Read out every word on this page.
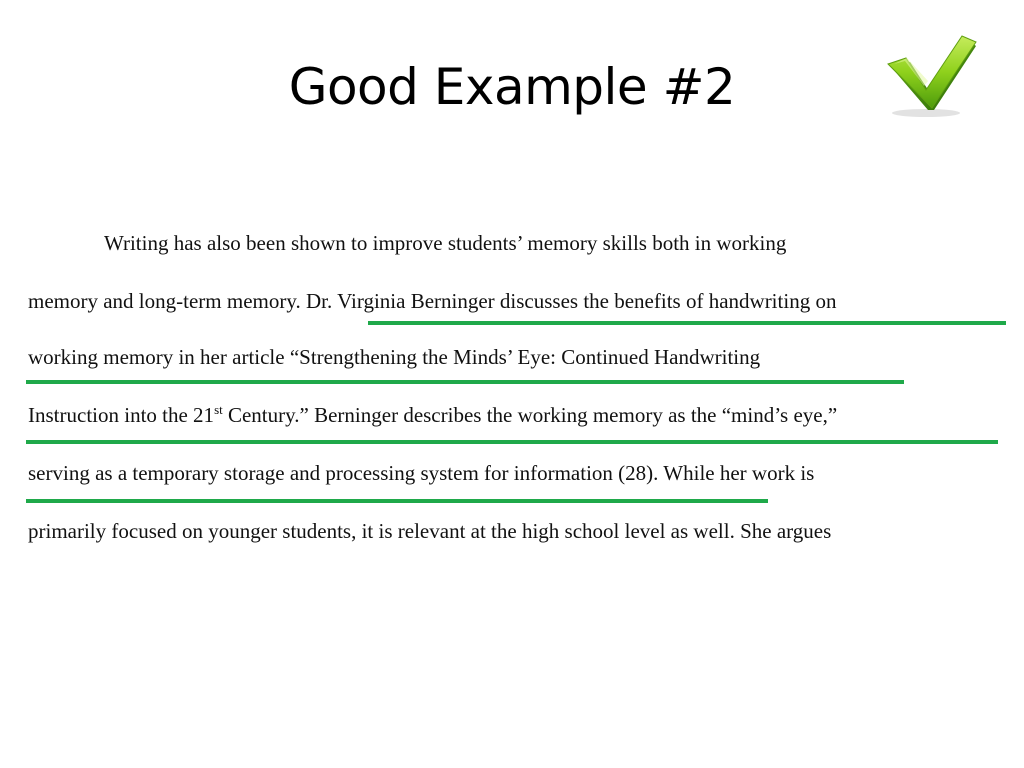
Good Example #2
Writing has also been shown to improve students’ memory skills both in working
memory and long-term memory. Dr. Virginia Berninger discusses the benefits of handwriting on
working memory in her article “Strengthening the Minds’ Eye: Continued Handwriting
Instruction into the 21st Century.” Berninger describes the working memory as the “mind’s eye,”
serving as a temporary storage and processing system for information (28). While her work is
primarily focused on younger students, it is relevant at the high school level as well. She argues
